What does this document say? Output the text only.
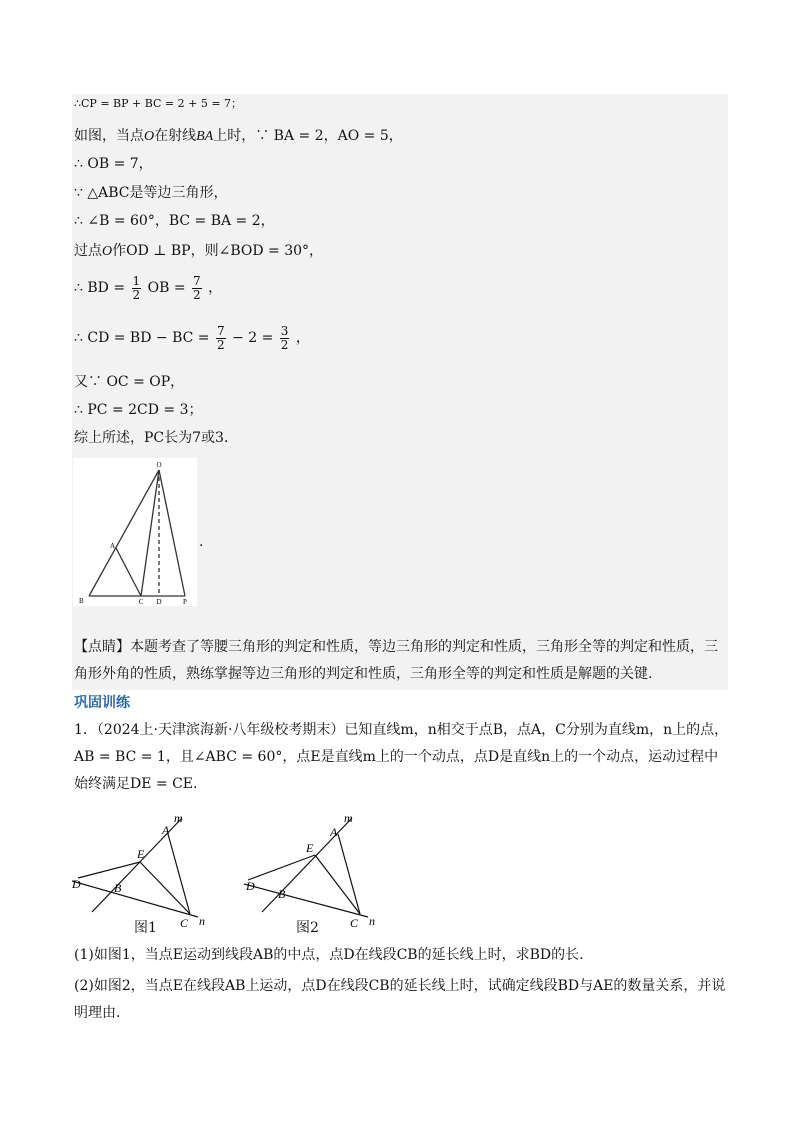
∴CP = BP + BC = 2 + 5 = 7；
如图，当点O在射线BA上时，∵ BA = 2，AO = 5，
∴ OB = 7，
∵ △ABC是等边三角形，
∴ ∠B = 60°，BC = BA = 2，
过点O作OD ⊥ BP，则∠BOD = 30°，
∴ BD = $\frac{1}{2}$ OB = $\frac{7}{2}$ ，
∴ CD = BD − BC = $\frac{7}{2} - 2 = \frac{3}{2}$ ，
又∵ OC = OP，
∴ PC = 2CD = 3；
综上所述，PC长为7或3．
O
A
B	C D	P
.
【点睛】本题考查了等腰三角形的判定和性质，等边三角形的判定和性质，三角形全等的判定和性质，三角形外角的性质，熟练掌握等边三角形的判定和性质，三角形全等的判定和性质是解题的关键.
巩固训练
1．（2024上·天津滨海新·八年级校考期末）已知直线m，n相交于点B，点A，C分别为直线m，n上的点，AB = BC = 1，且∠ABC = 60°，点E是直线m上的一个动点，点D是直线n上的一个动点，运动过程中始终满足DE = CE.
m
A
E
D	B
C n
图1
m
A
E
D
B
C n
图2
(1)如图1，当点E运动到线段AB的中点，点D在线段CB的延长线上时，求BD的长.
(2)如图2，当点E在线段AB上运动，点D在线段CB的延长线上时，试确定线段BD与AE的数量关系，并说明理由.
